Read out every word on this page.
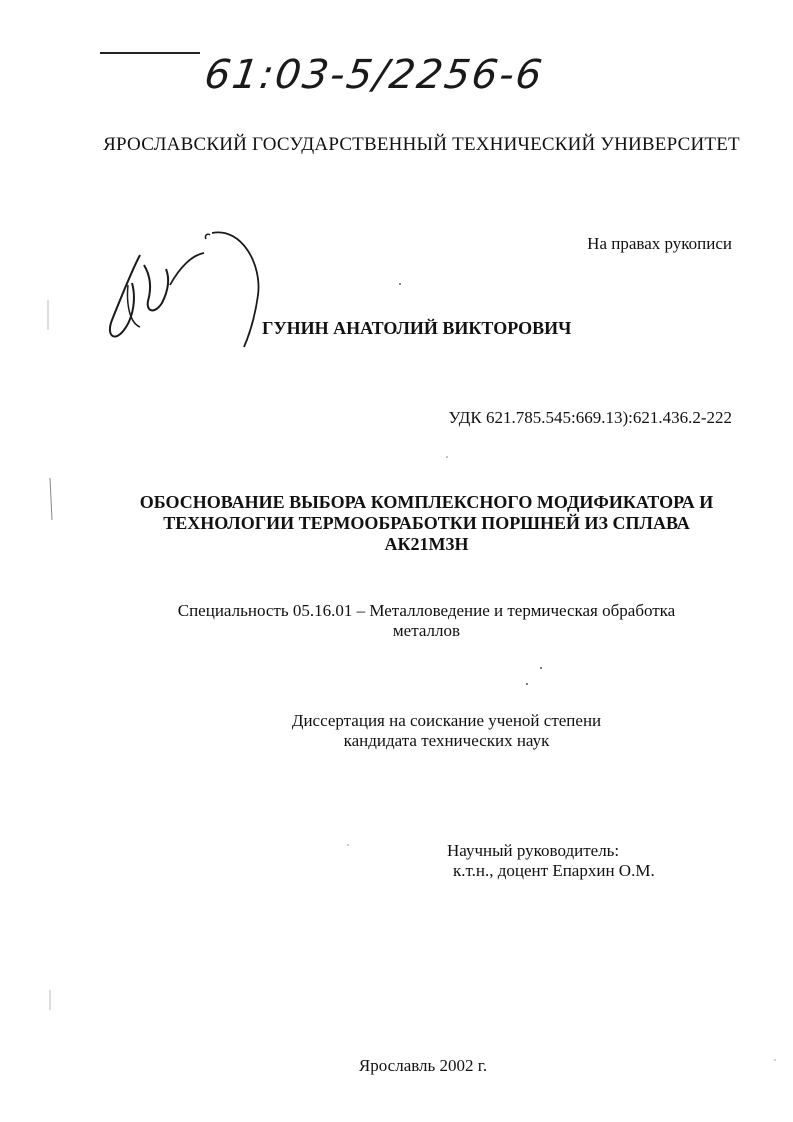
61:03-5/2256-6
ЯРОСЛАВСКИЙ ГОСУДАРСТВЕННЫЙ ТЕХНИЧЕСКИЙ УНИВЕРСИТЕТ
На правах рукописи
ГУНИН АНАТОЛИЙ ВИКТОРОВИЧ
УДК 621.785.545:669.13):621.436.2-222
ОБОСНОВАНИЕ ВЫБОРА КОМПЛЕКСНОГО МОДИФИКАТОРА И
ТЕХНОЛОГИИ ТЕРМООБРАБОТКИ ПОРШНЕЙ ИЗ СПЛАВА
АК21М3Н
Специальность 05.16.01 – Металловедение и термическая обработка
металлов
Диссертация на соискание ученой степени
кандидата технических наук
Научный руководитель:
к.т.н., доцент Епархин О.М.
Ярославль 2002 г.
